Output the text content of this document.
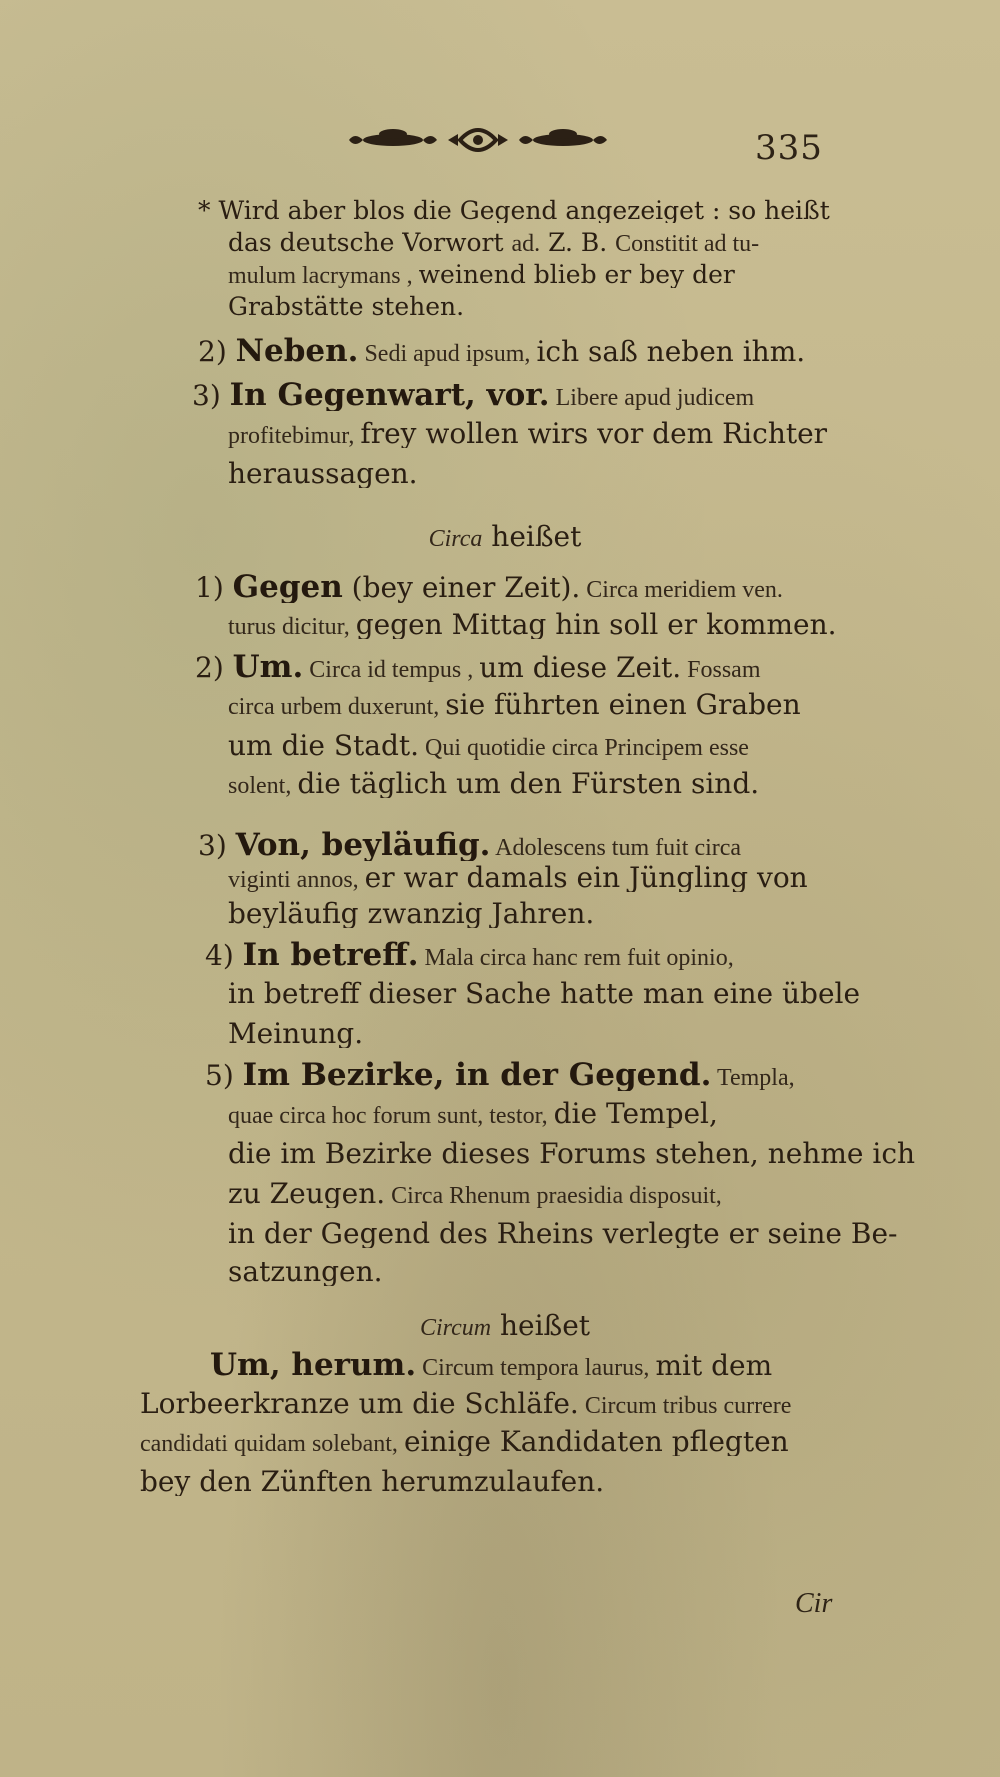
335
* Wird aber blos die Gegend angezeiget : so heißt
das deutsche Vorwort ad. Z. B. Constitit ad tu-
mulum lacrymans , weinend blieb er bey der
Grabstätte stehen.
2) Neben. Sedi apud ipsum, ich saß neben ihm.
3) In Gegenwart, vor. Libere apud judicem
profitebimur, frey wollen wirs vor dem Richter
heraussagen.
Circa heißet
1) Gegen (bey einer Zeit). Circa meridiem ven.
turus dicitur, gegen Mittag hin soll er kommen.
2) Um. Circa id tempus , um diese Zeit. Fossam
circa urbem duxerunt, sie führten einen Graben
um die Stadt. Qui quotidie circa Principem esse
solent, die täglich um den Fürsten sind.
3) Von, beyläufig. Adolescens tum fuit circa
viginti annos, er war damals ein Jüngling von
beyläufig zwanzig Jahren.
4) In betreff. Mala circa hanc rem fuit opinio,
in betreff dieser Sache hatte man eine übele
Meinung.
5) Im Bezirke, in der Gegend. Templa,
quae circa hoc forum sunt, testor, die Tempel,
die im Bezirke dieses Forums stehen, nehme ich
zu Zeugen. Circa Rhenum praesidia disposuit,
in der Gegend des Rheins verlegte er seine Be-
satzungen.
Circum heißet
Um, herum. Circum tempora laurus, mit dem
Lorbeerkranze um die Schläfe. Circum tribus currere
candidati quidam solebant, einige Kandidaten pflegten
bey den Zünften herumzulaufen.
Cir
